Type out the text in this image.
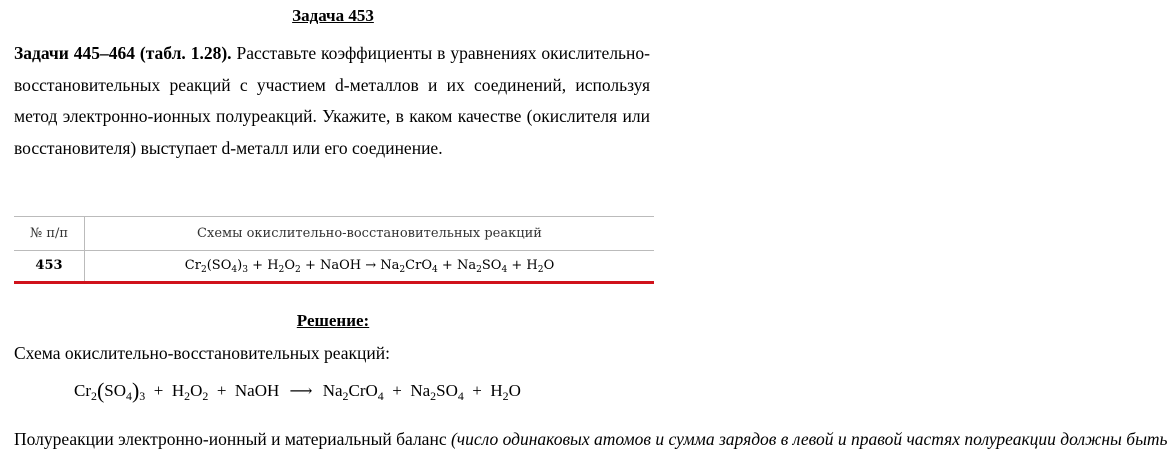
Задача 453
Задачи 445–464 (табл. 1.28). Расставьте коэффициенты в уравнениях окислительно-восстановительных реакций с участием d-металлов и их соединений, используя метод электронно-ионных полуреакций. Укажите, в каком качестве (окислителя или восстановителя) выступает d-металл или его соединение.
№ п/п	Схемы окислительно-восстановительных реакций
453	$Cr_2(SO_4)_3 + H_2O_2$ + NaOH → $Na_2CrO_4 + Na_2SO_4 + H_2O$
Решение:
Схема окислительно-восстановительных реакций:
$Cr_2(SO_4)_3 + H_2O_2$  +  NaOH ⟶ $Na_2CrO_4 + Na_2SO_4 + H_2O$
Полуреакции электронно-ионный и материальный баланс (число одинаковых атомов и сумма зарядов в левой и правой частях полуреакции должны быть
